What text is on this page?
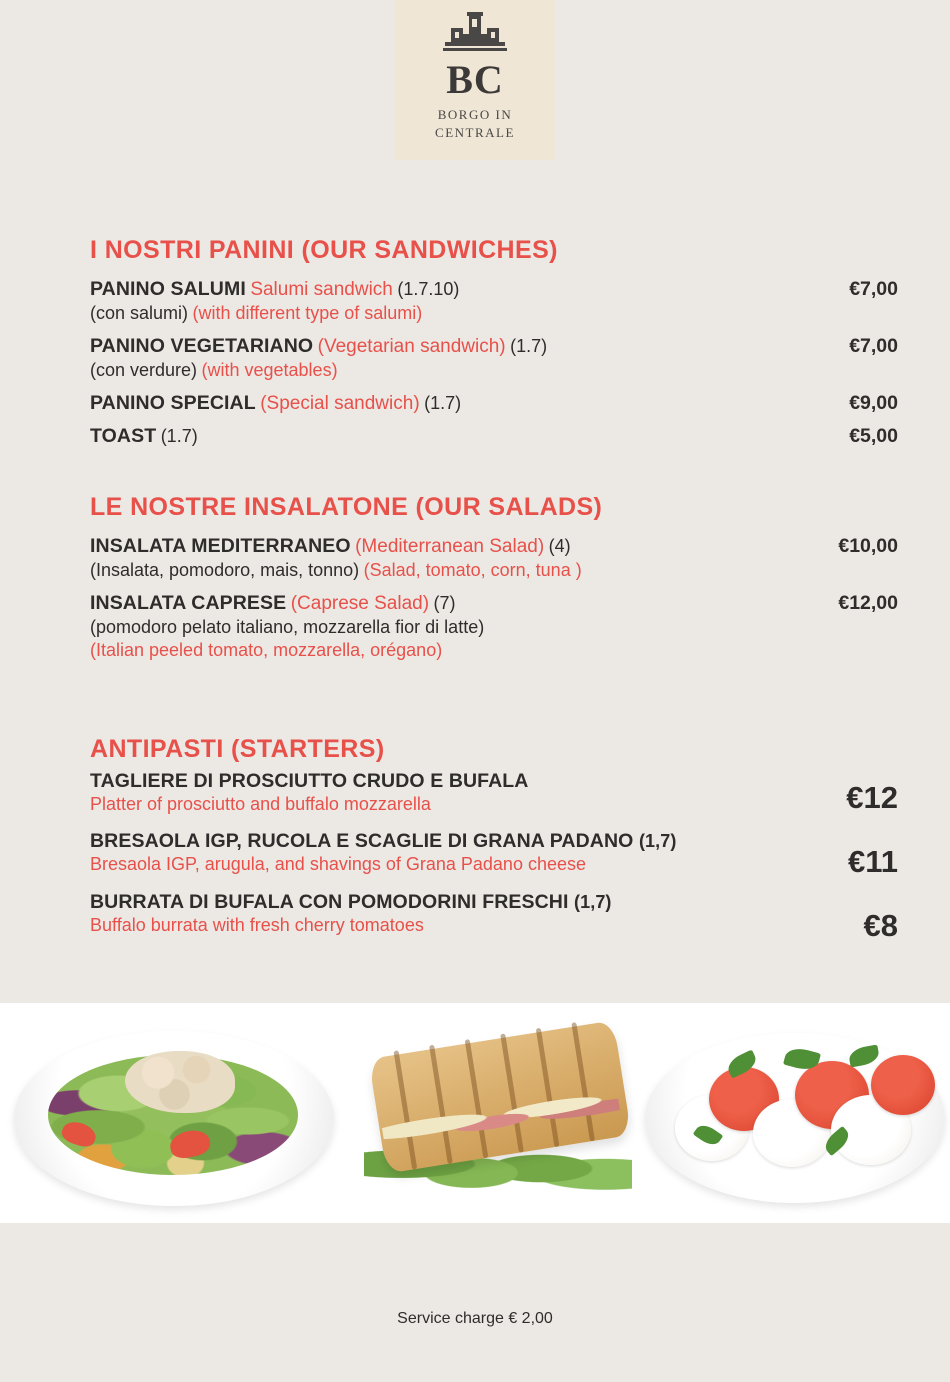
BC
BORGO IN
CENTRALE
I NOSTRI PANINI (OUR SANDWICHES)
PANINO SALUMI Salumi sandwich (1.7.10)
(con salumi) (with different type of salumi)
€7,00
PANINO VEGETARIANO (Vegetarian sandwich) (1.7)
(con verdure) (with vegetables)
€7,00
PANINO SPECIAL (Special sandwich) (1.7)	€9,00
TOAST (1.7)	€5,00
LE NOSTRE INSALATONE (OUR SALADS)
INSALATA MEDITERRANEO (Mediterranean Salad) (4)
(Insalata, pomodoro, mais, tonno) (Salad, tomato, corn, tuna )
€10,00
INSALATA CAPRESE (Caprese Salad) (7)
(pomodoro pelato italiano, mozzarella fior di latte)
(Italian peeled tomato, mozzarella, orégano)
€12,00
ANTIPASTI (STARTERS)
TAGLIERE DI PROSCIUTTO CRUDO E BUFALA
Platter of prosciutto and buffalo mozzarella
BRESAOLA IGP, RUCOLA E SCAGLIE DI GRANA PADANO (1,7)
Bresaola IGP, arugula, and shavings of Grana Padano cheese
BURRATA DI BUFALA CON POMODORINI FRESCHI (1,7)
Buffalo burrata with fresh cherry tomatoes
€12
€11
€8
Service charge € 2,00
